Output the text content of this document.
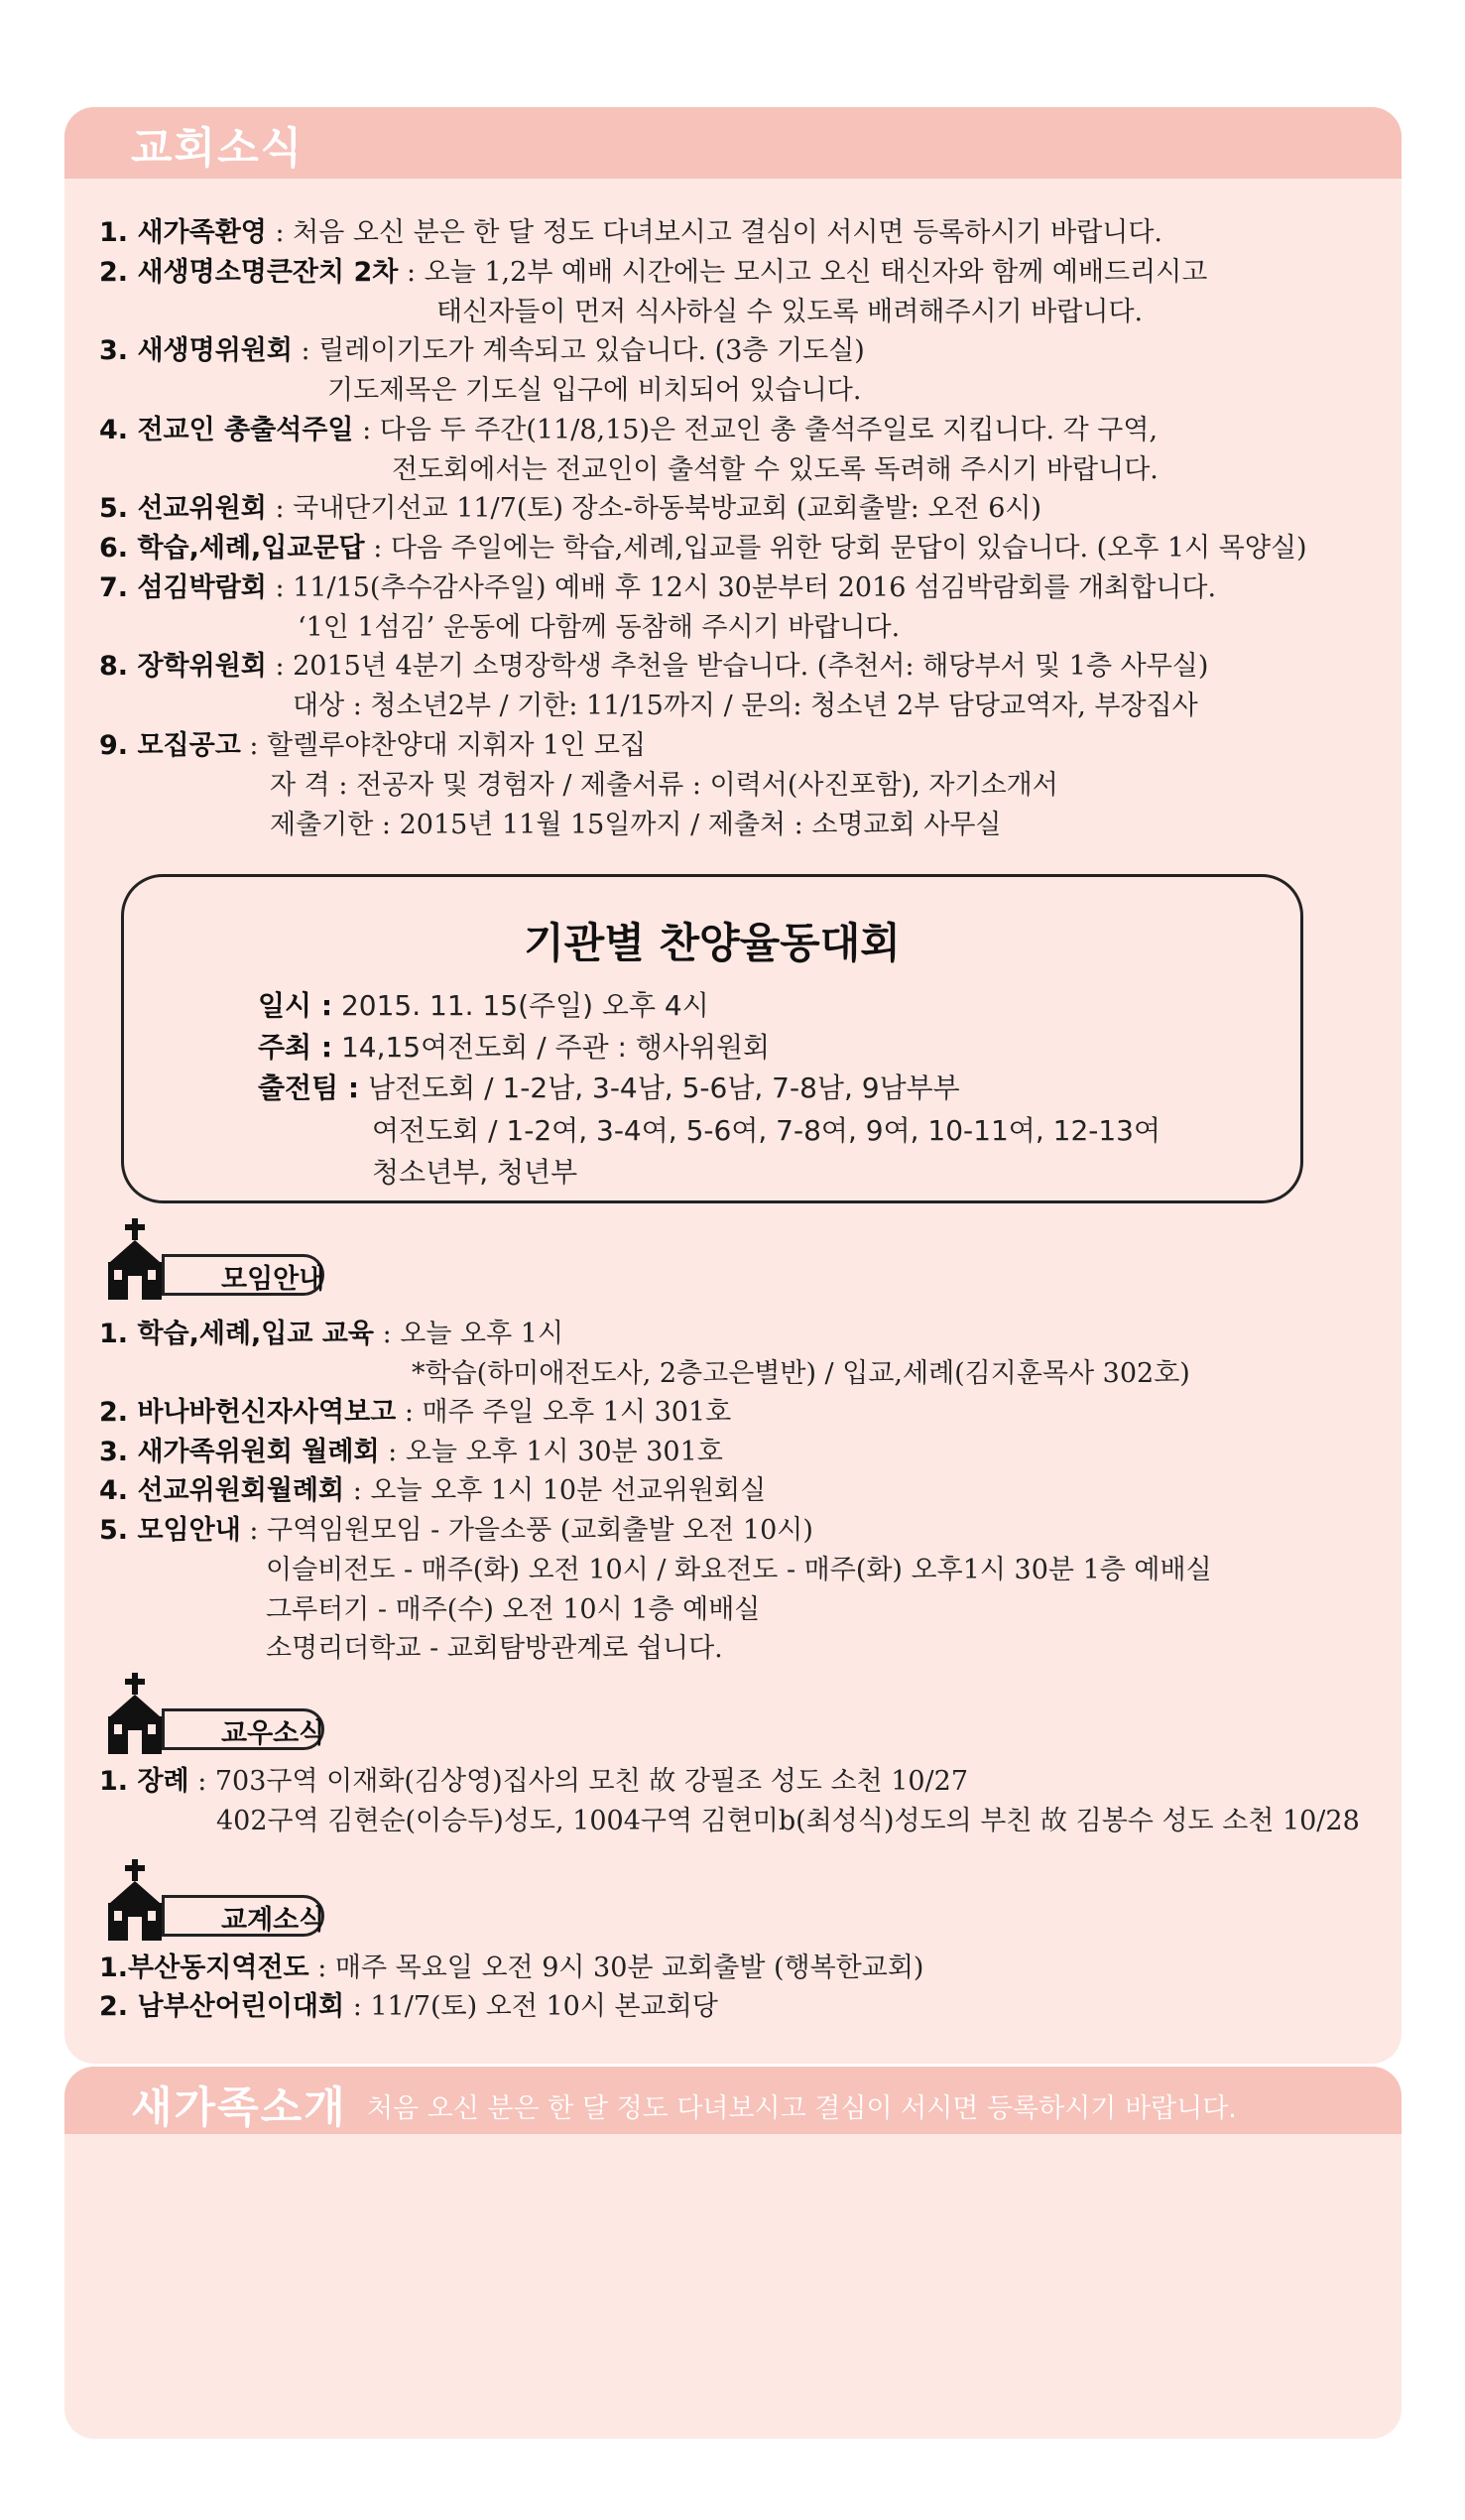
교회소식
1. 새가족환영 : 처음 오신 분은 한 달 정도 다녀보시고 결심이 서시면 등록하시기 바랍니다.
2. 새생명소명큰잔치 2차 : 오늘 1,2부 예배 시간에는 모시고 오신 태신자와 함께 예배드리시고
태신자들이 먼저 식사하실 수 있도록 배려해주시기 바랍니다.
3. 새생명위원회 : 릴레이기도가 계속되고 있습니다. (3층 기도실)
기도제목은 기도실 입구에 비치되어 있습니다.
4. 전교인 총출석주일 : 다음 두 주간(11/8,15)은 전교인 총 출석주일로 지킵니다. 각 구역,
전도회에서는 전교인이 출석할 수 있도록 독려해 주시기 바랍니다.
5. 선교위원회 : 국내단기선교 11/7(토) 장소-하동북방교회 (교회출발: 오전 6시)
6. 학습,세례,입교문답 : 다음 주일에는 학습,세례,입교를 위한 당회 문답이 있습니다. (오후 1시 목양실)
7. 섬김박람회 : 11/15(추수감사주일) 예배 후 12시 30분부터 2016 섬김박람회를 개최합니다.
‘1인 1섬김’ 운동에 다함께 동참해 주시기 바랍니다.
8. 장학위원회 : 2015년 4분기 소명장학생 추천을 받습니다. (추천서: 해당부서 및 1층 사무실)
대상 : 청소년2부 / 기한: 11/15까지 / 문의: 청소년 2부 담당교역자, 부장집사
9. 모집공고 : 할렐루야찬양대 지휘자 1인 모집
자 격 : 전공자 및 경험자 / 제출서류 : 이력서(사진포함), 자기소개서
제출기한 : 2015년 11월 15일까지 / 제출처 : 소명교회 사무실
기관별 찬양율동대회
일시 : 2015. 11. 15(주일) 오후 4시
주최 : 14,15여전도회 / 주관 : 행사위원회
출전팀 : 남전도회 / 1-2남, 3-4남, 5-6남, 7-8남, 9남부부
여전도회 / 1-2여, 3-4여, 5-6여, 7-8여, 9여, 10-11여, 12-13여
청소년부, 청년부
모임안내
1. 학습,세례,입교 교육 : 오늘 오후 1시
*학습(하미애전도사, 2층고은별반) / 입교,세례(김지훈목사 302호)
2. 바나바헌신자사역보고 : 매주 주일 오후 1시 301호
3. 새가족위원회 월례회 : 오늘 오후 1시 30분 301호
4. 선교위원회월례회 : 오늘 오후 1시 10분 선교위원회실
5. 모임안내 : 구역임원모임 - 가을소풍 (교회출발 오전 10시)
이슬비전도 - 매주(화) 오전 10시 / 화요전도 - 매주(화) 오후1시 30분 1층 예배실
그루터기 - 매주(수) 오전 10시 1층 예배실
소명리더학교 - 교회탐방관계로 쉽니다.
교우소식
1. 장례 : 703구역 이재화(김상영)집사의 모친 故 강필조 성도 소천 10/27
402구역 김현순(이승두)성도, 1004구역 김현미b(최성식)성도의 부친 故 김봉수 성도 소천 10/28
교계소식
1.부산동지역전도 : 매주 목요일 오전 9시 30분 교회출발 (행복한교회)
2. 남부산어린이대회 : 11/7(토) 오전 10시 본교회당
새가족소개 처음 오신 분은 한 달 정도 다녀보시고 결심이 서시면 등록하시기 바랍니다.
